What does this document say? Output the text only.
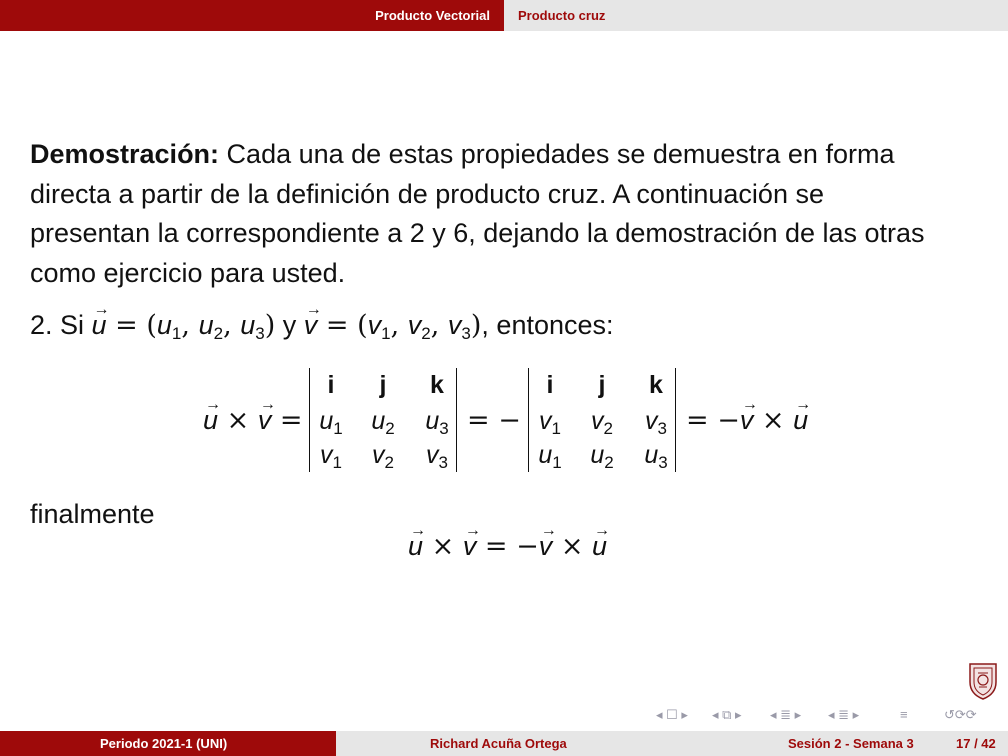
Producto Vectorial Producto cruz
Demostración: Cada una de estas propiedades se demuestra en forma directa a partir de la definición de producto cruz. A continuación se presentan la correspondiente a 2 y 6, dejando la demostración de las otras como ejercicio para usted.
2. $Si \to u = (u_1$, $u_2$, $u_3$) $y \to v = (v_1$, $v_2$, $v_3$), entonces:
→ u × → v =
i	j	k
$u_1$	$u_2$	$u_3$
$v_1$	$v_2$	$v_3$
= −
i	j	k
$v_1$	$v_2$	$v_3$
$u_1$	$u_2$	$u_3$
= −→ v × → u
finalmente
→ u × → v = −→ v × → u
◂ ☐ ▸ ◂ ⧉ ▸ ◂ ≣ ▸ ◂ ≣ ▸	≡	↺⟳⟳
Periodo 2021-1 (UNI)	Richard Acuña Ortega	Sesión 2 - Semana 3	17 / 42
